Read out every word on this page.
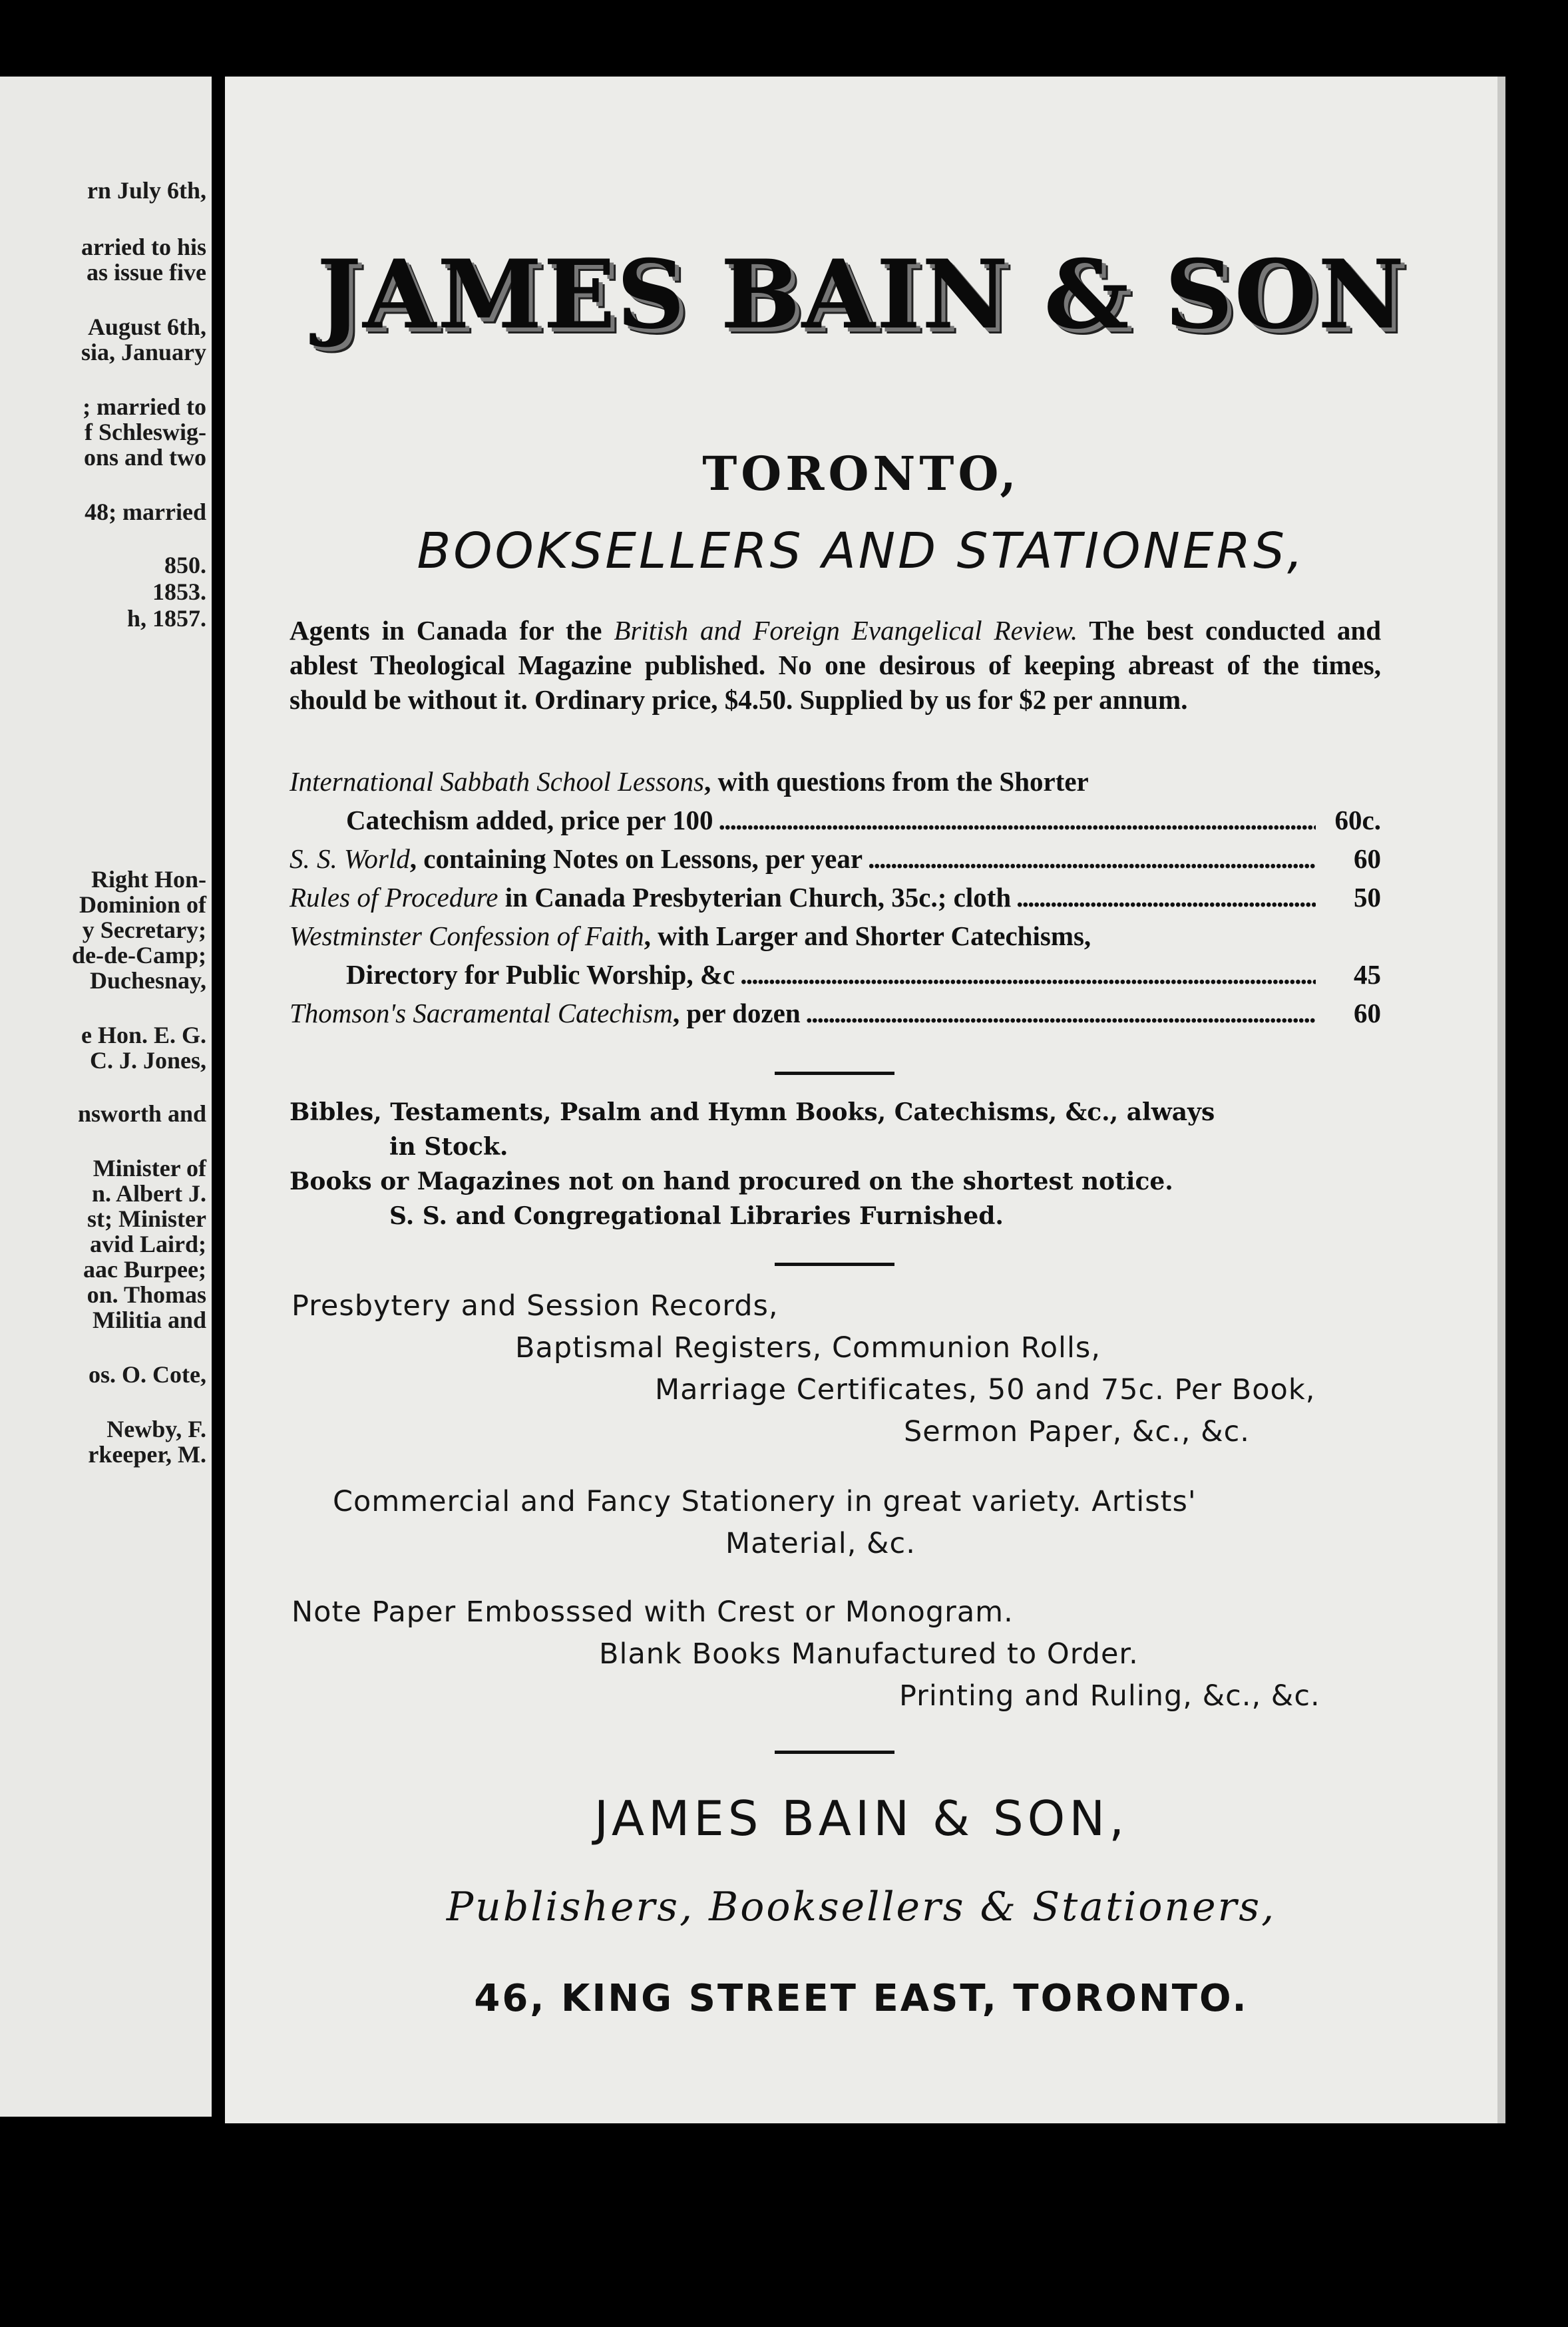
rn July 6th,
arried to his
as issue five
August 6th,
sia, January
; married to
f Schleswig-
ons and two
48; married
850.
1853.
h, 1857.
Right Hon-
Dominion of
y Secretary;
de-de-Camp;
Duchesnay,
e Hon. E. G.
C. J. Jones,
nsworth and
Minister of
n. Albert J.
st; Minister
avid Laird;
aac Burpee;
on. Thomas
Militia and
os. O. Cote,
Newby, F.
rkeeper, M.
JAMES BAIN & SON
TORONTO,
BOOKSELLERS AND STATIONERS,
Agents in Canada for the British and Foreign Evangelical Review. The best conducted and ablest Theological Magazine published. No one desirous of keeping abreast of the times, should be without it. Ordinary price, $4.50. Supplied by us for $2 per annum.
International Sabbath School Lessons, with questions from the Shorter
Catechism added, price per 100 . . .	60c.
S. S. World, containing Notes on Lessons, per year . . .	60
Rules of Procedure in Canada Presbyterian Church, 35c.; cloth . . .	50
Westminster Confession of Faith, with Larger and Shorter Catechisms,
Directory for Public Worship, &c . . .	45
Thomson's Sacramental Catechism, per dozen . . .	60
Bibles, Testaments, Psalm and Hymn Books, Catechisms, &c., always
in Stock.
Books or Magazines not on hand procured on the shortest notice.
S. S. and Congregational Libraries Furnished.
Presbytery and Session Records,
Baptismal Registers, Communion Rolls,
Marriage Certificates, 50 and 75c. Per Book,
Sermon Paper, &c., &c.
Commercial and Fancy Stationery in great variety. Artists'
Material, &c.
Note Paper Embosssed with Crest or Monogram.
Blank Books Manufactured to Order.
Printing and Ruling, &c., &c.
JAMES BAIN & SON,
Publishers, Booksellers & Stationers,
46, KING STREET EAST, TORONTO.
